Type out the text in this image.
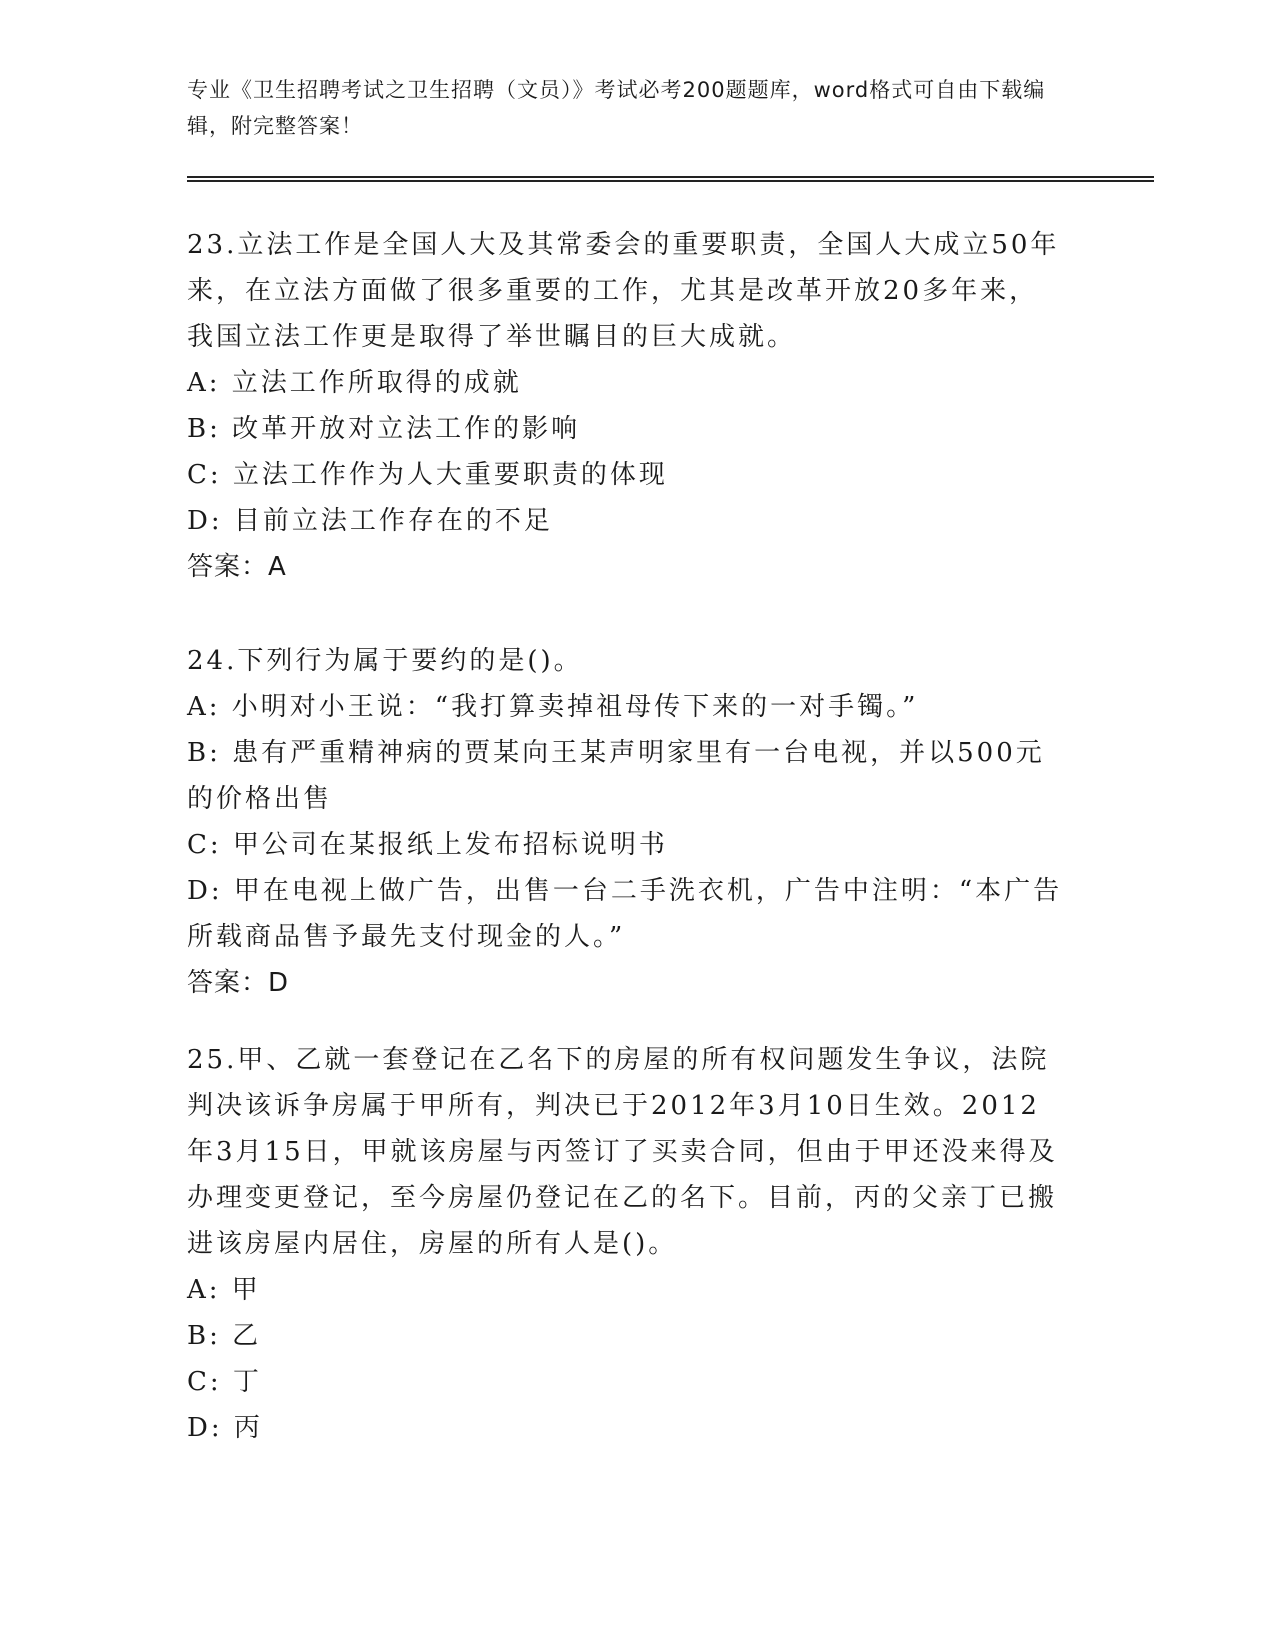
专业《卫生招聘考试之卫生招聘（文员）》考试必考200题题库，word格式可自由下载编辑，附完整答案！

23.立法工作是全国人大及其常委会的重要职责，全国人大成立50年来，在立法方面做了很多重要的工作，尤其是改革开放20多年来，我国立法工作更是取得了举世瞩目的巨大成就。

A: 立法工作所取得的成就

B: 改革开放对立法工作的影响

C: 立法工作作为人大重要职责的体现

D: 目前立法工作存在的不足

答案：A

24.下列行为属于要约的是()。

A: 小明对小王说：“我打算卖掉祖母传下来的一对手镯。”

B: 患有严重精神病的贾某向王某声明家里有一台电视，并以500元的价格出售

C: 甲公司在某报纸上发布招标说明书

D: 甲在电视上做广告，出售一台二手洗衣机，广告中注明：“本广告所载商品售予最先支付现金的人。”

答案：D

25.甲、乙就一套登记在乙名下的房屋的所有权问题发生争议，法院判决该诉争房属于甲所有，判决已于2012年3月10日生效。2012年3月15日，甲就该房屋与丙签订了买卖合同，但由于甲还没来得及办理变更登记，至今房屋仍登记在乙的名下。目前，丙的父亲丁已搬进该房屋内居住，房屋的所有人是()。

A: 甲

B: 乙

C: 丁

D: 丙
